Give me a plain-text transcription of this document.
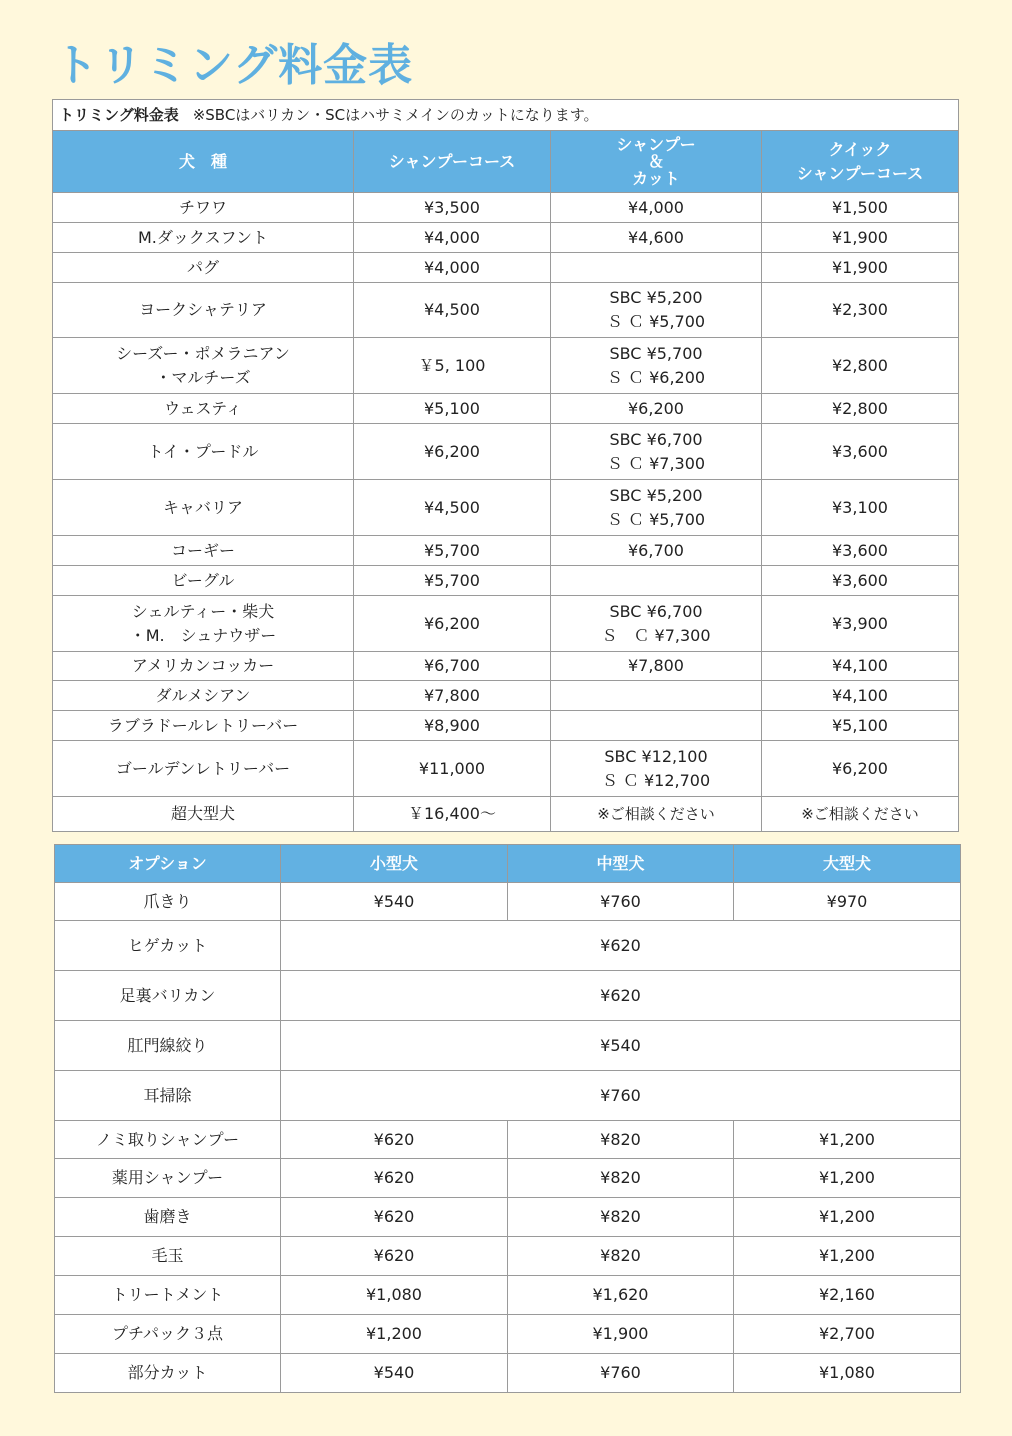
トリミング料金表
トリミング料金表 ※SBCはバリカン・SCはハサミメインのカットになります。			
犬　種	シャンプーコース	シャンプー
＆
カット	クイック
シャンプーコース

チワワ	¥3,500	¥4,000	¥1,500

M.ダックスフント	¥4,000	¥4,600	¥1,900

パグ	¥4,000		¥1,900

ヨークシャテリア	¥4,500	SBC ¥5,200
Ｓ Ｃ ¥5,700	¥2,300

シーズー・ポメラニアン
・マルチーズ	￥5, 100	SBC ¥5,700
Ｓ Ｃ ¥6,200	¥2,800

ウェスティ	¥5,100	¥6,200	¥2,800

トイ・プードル	¥6,200	SBC ¥6,700
Ｓ Ｃ ¥7,300	¥3,600

キャバリア	¥4,500	SBC ¥5,200
Ｓ Ｃ ¥5,700	¥3,100

コーギー	¥5,700	¥6,700	¥3,600

ビーグル	¥5,700		¥3,600

シェルティー・柴犬
・M.　シュナウザー	¥6,200	SBC ¥6,700
Ｓ　Ｃ ¥7,300	¥3,900

アメリカンコッカー	¥6,700	¥7,800	¥4,100

ダルメシアン	¥7,800		¥4,100

ラブラドールレトリーバー	¥8,900		¥5,100

ゴールデンレトリーバー	¥11,000	SBC ¥12,100
Ｓ Ｃ ¥12,700	¥6,200

超大型犬	￥16,400〜	※ご相談ください	※ご相談ください
オプション	小型犬	中型犬	大型犬
爪きり	¥540	¥760	¥970
ヒゲカット	¥620		
足裏バリカン	¥620		
肛門線絞り	¥540		
耳掃除	¥760		
ノミ取りシャンプー	¥620	¥820	¥1,200
薬用シャンプー	¥620	¥820	¥1,200
歯磨き	¥620	¥820	¥1,200
毛玉	¥620	¥820	¥1,200
トリートメント	¥1,080	¥1,620	¥2,160
プチパック３点	¥1,200	¥1,900	¥2,700
部分カット	¥540	¥760	¥1,080
